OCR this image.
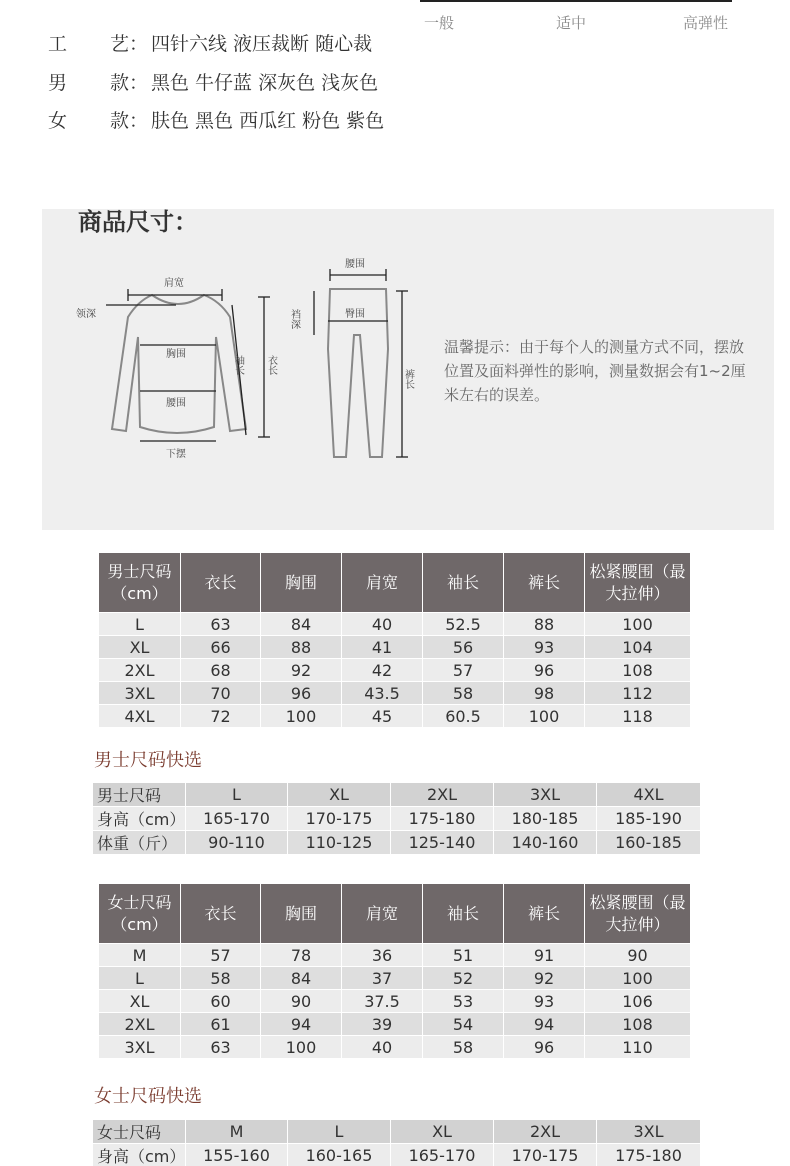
一般	适中	高弹性
工 艺： 四针六线 液压裁断 随心裁
男 款： 黑色 牛仔蓝 深灰色 浅灰色
女 款： 肤色 黑色 西瓜红 粉色 紫色
商品尺寸：
肩宽
领深
胸围
腰围
下摆
袖长 衣长
腰围
臀围
裆深
裤长
温馨提示：由于每个人的测量方式不同，摆放位置及面料弹性的影响，测量数据会有1~2厘米左右的误差。
男士尺码（cm）	衣长	胸围	肩宽	袖长	裤长	松紧腰围（最大拉伸）
L	63	84	40	52.5	88	100
XL	66	88	41	56	93	104
2XL	68	92	42	57	96	108
3XL	70	96	43.5	58	98	112
4XL	72	100	45	60.5	100	118
男士尺码快选
男士尺码	L	XL	2XL	3XL	4XL
身高（cm）	165-170	170-175	175-180	180-185	185-190
体重（斤）	90-110	110-125	125-140	140-160	160-185
女士尺码（cm）	衣长	胸围	肩宽	袖长	裤长	松紧腰围（最大拉伸）
M	57	78	36	51	91	90
L	58	84	37	52	92	100
XL	60	90	37.5	53	93	106
2XL	61	94	39	54	94	108
3XL	63	100	40	58	96	110
女士尺码快选
女士尺码	M	L	XL	2XL	3XL
身高（cm）	155-160	160-165	165-170	170-175	175-180
